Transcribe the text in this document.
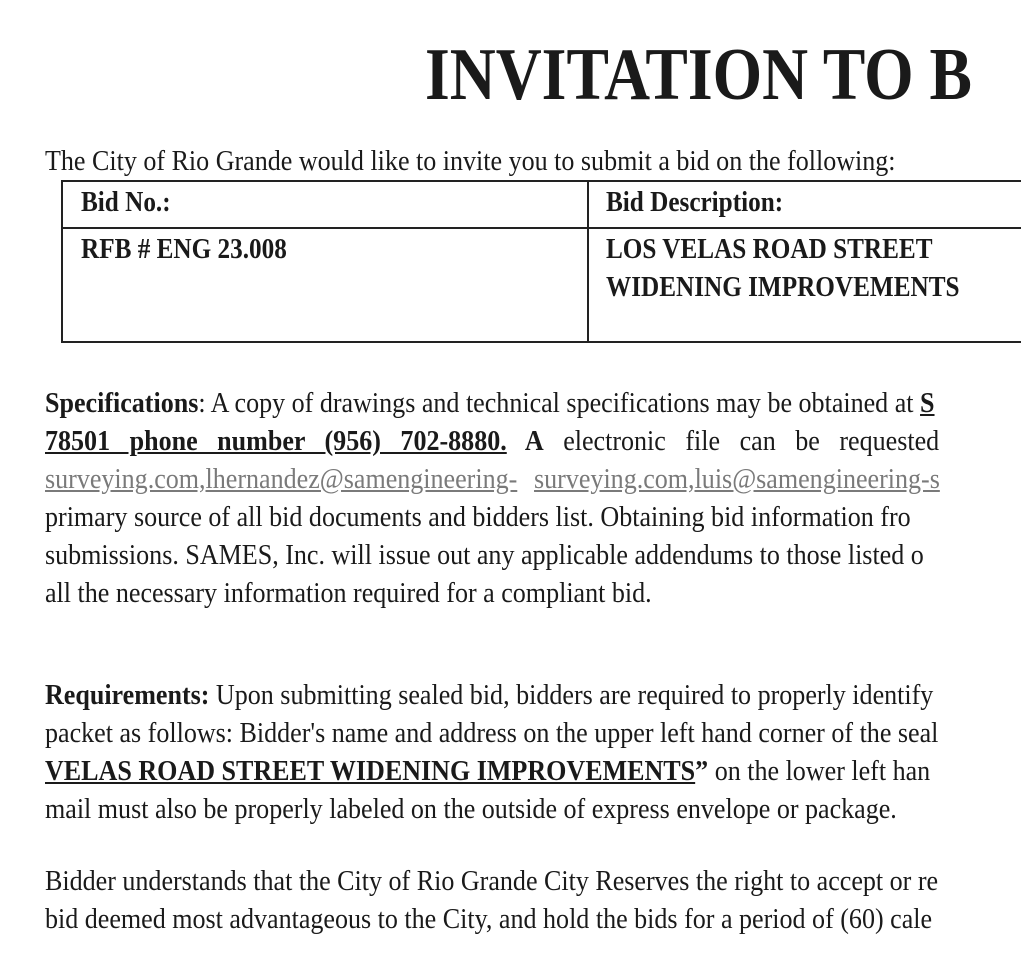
INVITATION TO B
The City of Rio Grande would like to invite you to submit a bid on the following:
Bid No.:	Bid Description:
RFB # ENG 23.008	LOS VELAS ROAD STREET
WIDENING IMPROVEMENTS
Specifications: A copy of drawings and technical specifications may be obtained at S
78501 phone number (956) 702-8880. A electronic file can be requested
surveying.com,lhernandez@samengineering- surveying.com,luis@samengineering-s
primary source of all bid documents and bidders list. Obtaining bid information fro
submissions. SAMES, Inc. will issue out any applicable addendums to those listed o
all the necessary information required for a compliant bid.
Requirements: Upon submitting sealed bid, bidders are required to properly identify
packet as follows: Bidder's name and address on the upper left hand corner of the seal
VELAS ROAD STREET WIDENING IMPROVEMENTS” on the lower left han
mail must also be properly labeled on the outside of express envelope or package.
Bidder understands that the City of Rio Grande City Reserves the right to accept or re
bid deemed most advantageous to the City, and hold the bids for a period of (60) cale
